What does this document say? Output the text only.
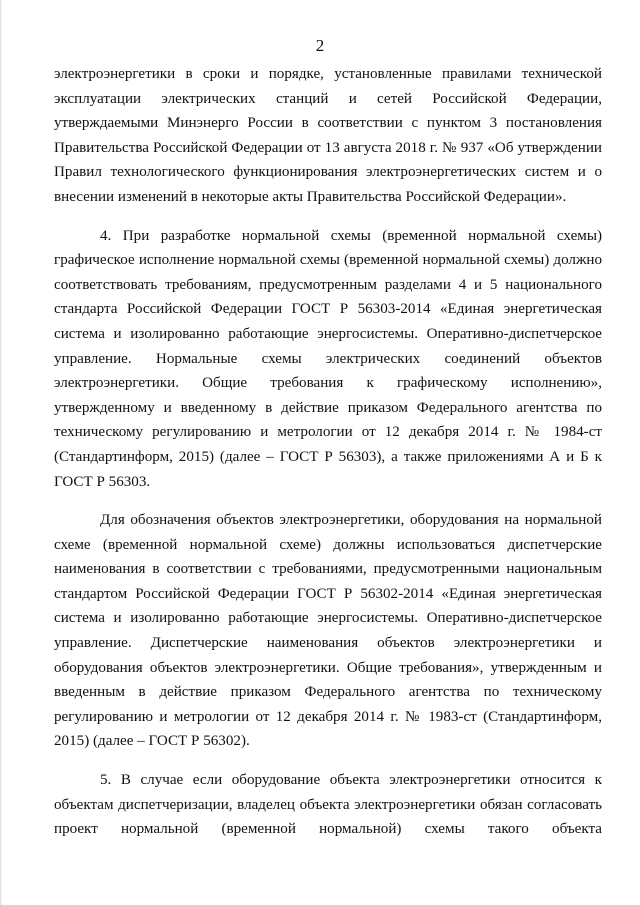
2

электроэнергетики в сроки и порядке, установленные правилами технической эксплуатации электрических станций и сетей Российской Федерации, утверждаемыми Минэнерго России в соответствии с пунктом 3 постановления Правительства Российской Федерации от 13 августа 2018 г. № 937 «Об утверждении Правил технологического функционирования электроэнергетических систем и о внесении изменений в некоторые акты Правительства Российской Федерации».

4. При разработке нормальной схемы (временной нормальной схемы) графическое исполнение нормальной схемы (временной нормальной схемы) должно соответствовать требованиям, предусмотренным разделами 4 и 5 национального стандарта Российской Федерации ГОСТ Р 56303-2014 «Единая энергетическая система и изолированно работающие энергосистемы. Оперативно-диспетчерское управление. Нормальные схемы электрических соединений объектов электроэнергетики. Общие требования к графическому исполнению», утвержденному и введенному в действие приказом Федерального агентства по техническому регулированию и метрологии от 12 декабря 2014 г. № 1984-ст (Стандартинформ, 2015) (далее – ГОСТ Р 56303), а также приложениями А и Б к ГОСТ Р 56303.

Для обозначения объектов электроэнергетики, оборудования на нормальной схеме (временной нормальной схеме) должны использоваться диспетчерские наименования в соответствии с требованиями, предусмотренными национальным стандартом Российской Федерации ГОСТ Р 56302-2014 «Единая энергетическая система и изолированно работающие энергосистемы. Оперативно-диспетчерское управление. Диспетчерские наименования объектов электроэнергетики и оборудования объектов электроэнергетики. Общие требования», утвержденным и введенным в действие приказом Федерального агентства по техническому регулированию и метрологии от 12 декабря 2014 г. № 1983-ст (Стандартинформ, 2015) (далее – ГОСТ Р 56302).

5. В случае если оборудование объекта электроэнергетики относится к объектам диспетчеризации, владелец объекта электроэнергетики обязан согласовать проект нормальной (временной нормальной) схемы такого объекта
